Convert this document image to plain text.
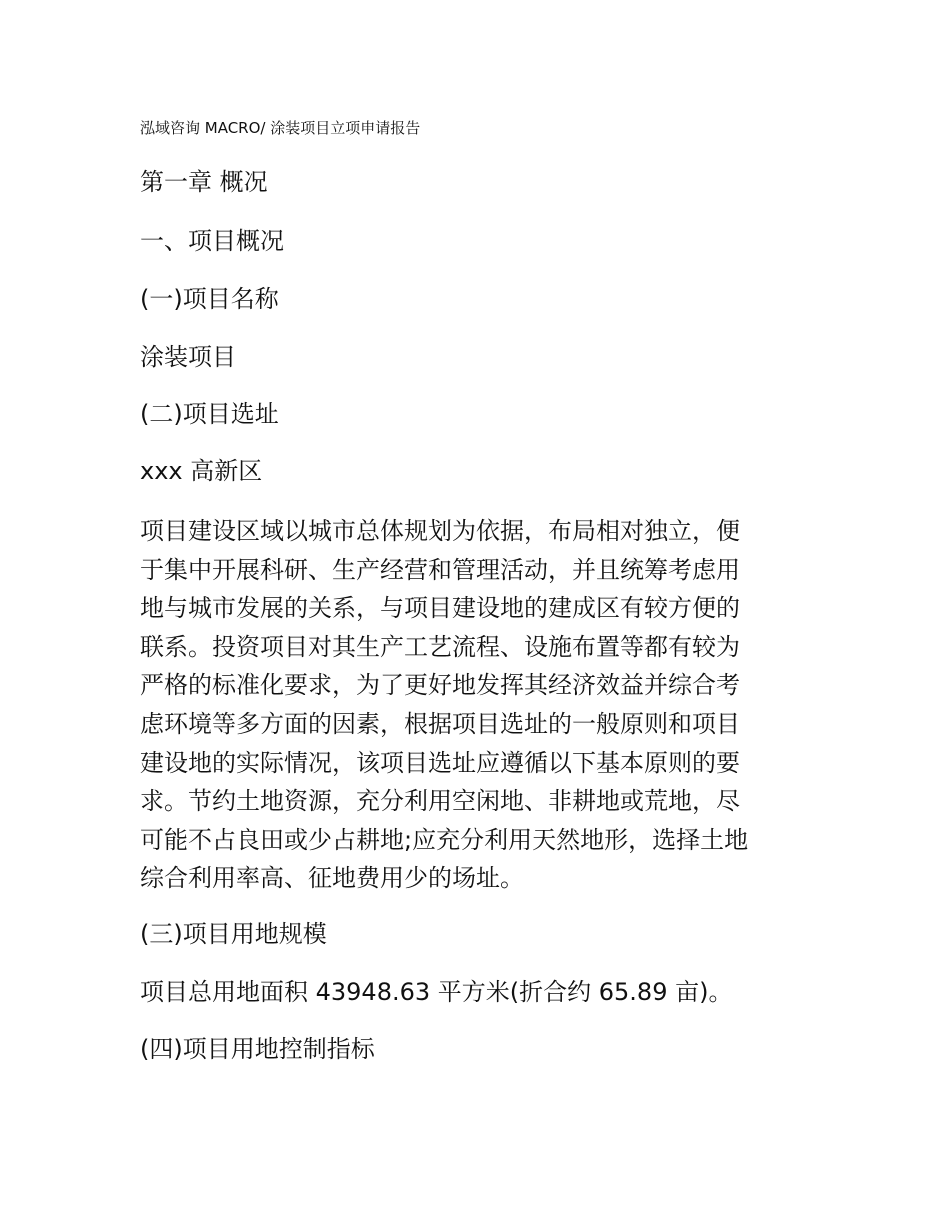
泓域咨询 MACRO/ 涂装项目立项申请报告
第一章 概况
一、项目概况
(一)项目名称
涂装项目
(二)项目选址
xxx 高新区
项目建设区域以城市总体规划为依据，布局相对独立，便
于集中开展科研、生产经营和管理活动，并且统筹考虑用
地与城市发展的关系，与项目建设地的建成区有较方便的
联系。投资项目对其生产工艺流程、设施布置等都有较为
严格的标准化要求，为了更好地发挥其经济效益并综合考
虑环境等多方面的因素，根据项目选址的一般原则和项目
建设地的实际情况，该项目选址应遵循以下基本原则的要
求。节约土地资源，充分利用空闲地、非耕地或荒地，尽
可能不占良田或少占耕地;应充分利用天然地形，选择土地
综合利用率高、征地费用少的场址。
(三)项目用地规模
项目总用地面积 43948.63 平方米(折合约 65.89 亩)。
(四)项目用地控制指标
